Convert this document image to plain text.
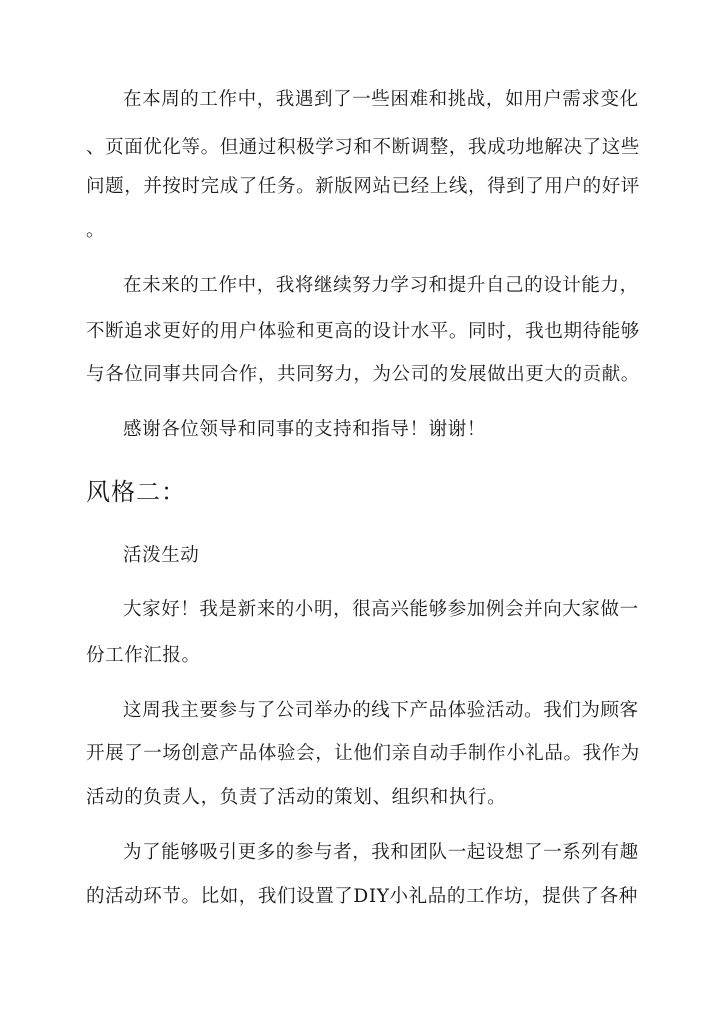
在本周的工作中，我遇到了一些困难和挑战，如用户需求变化
、页面优化等。但通过积极学习和不断调整，我成功地解决了这些
问题，并按时完成了任务。新版网站已经上线，得到了用户的好评
。
在未来的工作中，我将继续努力学习和提升自己的设计能力，
不断追求更好的用户体验和更高的设计水平。同时，我也期待能够
与各位同事共同合作，共同努力，为公司的发展做出更大的贡献。
感谢各位领导和同事的支持和指导！谢谢！
风格二：
活泼生动
大家好！我是新来的小明，很高兴能够参加例会并向大家做一
份工作汇报。
这周我主要参与了公司举办的线下产品体验活动。我们为顾客
开展了一场创意产品体验会，让他们亲自动手制作小礼品。我作为
活动的负责人，负责了活动的策划、组织和执行。
为了能够吸引更多的参与者，我和团队一起设想了一系列有趣
的活动环节。比如，我们设置了DIY小礼品的工作坊，提供了各种
